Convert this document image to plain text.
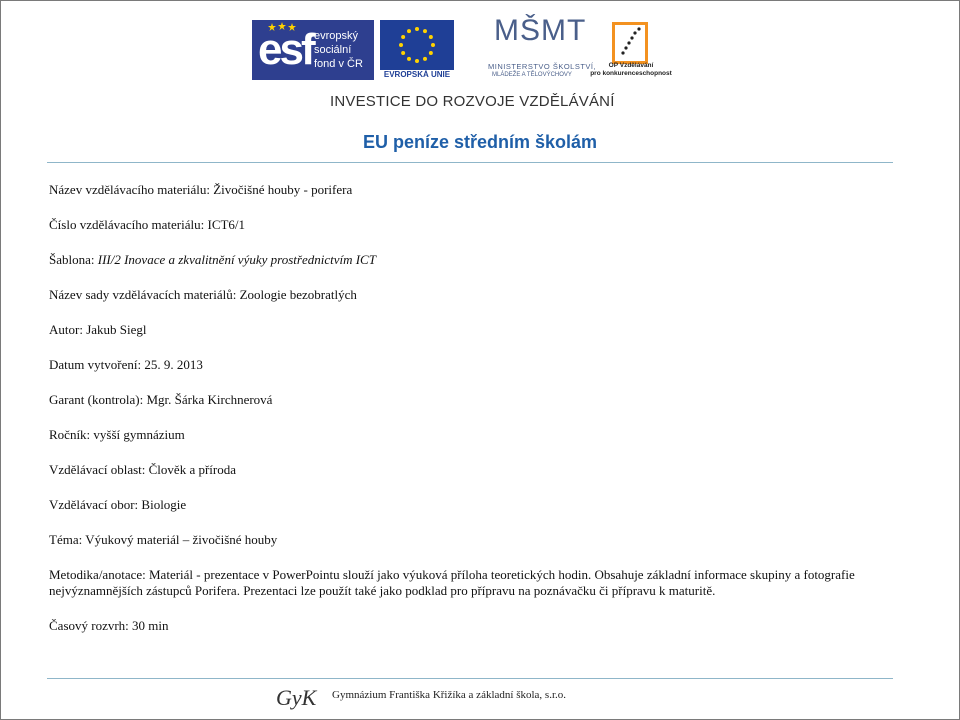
esf evropský
sociální
fond v ČR
EVROPSKÁ UNIE
MŠMT
MINISTERSTVO ŠKOLSTVÍ,
MLÁDEŽE A TĚLOVÝCHOVY
OP Vzdělávání
pro konkurenceschopnost
INVESTICE DO ROZVOJE VZDĚLÁVÁNÍ
EU peníze středním školám
Název vzdělávacího materiálu: Živočišné houby - porifera
Číslo vzdělávacího materiálu: ICT6/1
Šablona: III/2 Inovace a zkvalitnění výuky prostřednictvím ICT
Název sady vzdělávacích materiálů: Zoologie bezobratlých
Autor: Jakub Siegl
Datum vytvoření: 25. 9. 2013
Garant (kontrola): Mgr. Šárka Kirchnerová
Ročník: vyšší gymnázium
Vzdělávací oblast: Člověk a příroda
Vzdělávací obor: Biologie
Téma: Výukový materiál – živočišné houby
Metodika/anotace: Materiál - prezentace v PowerPointu slouží jako výuková příloha teoretických hodin. Obsahuje základní informace skupiny a fotografie nejvýznamnějších zástupců Porifera. Prezentaci lze použít také jako podklad pro přípravu na poznávačku či přípravu k maturitě.
Časový rozvrh: 30 min
GyK Gymnázium Františka Křižíka a základní škola, s.r.o.
